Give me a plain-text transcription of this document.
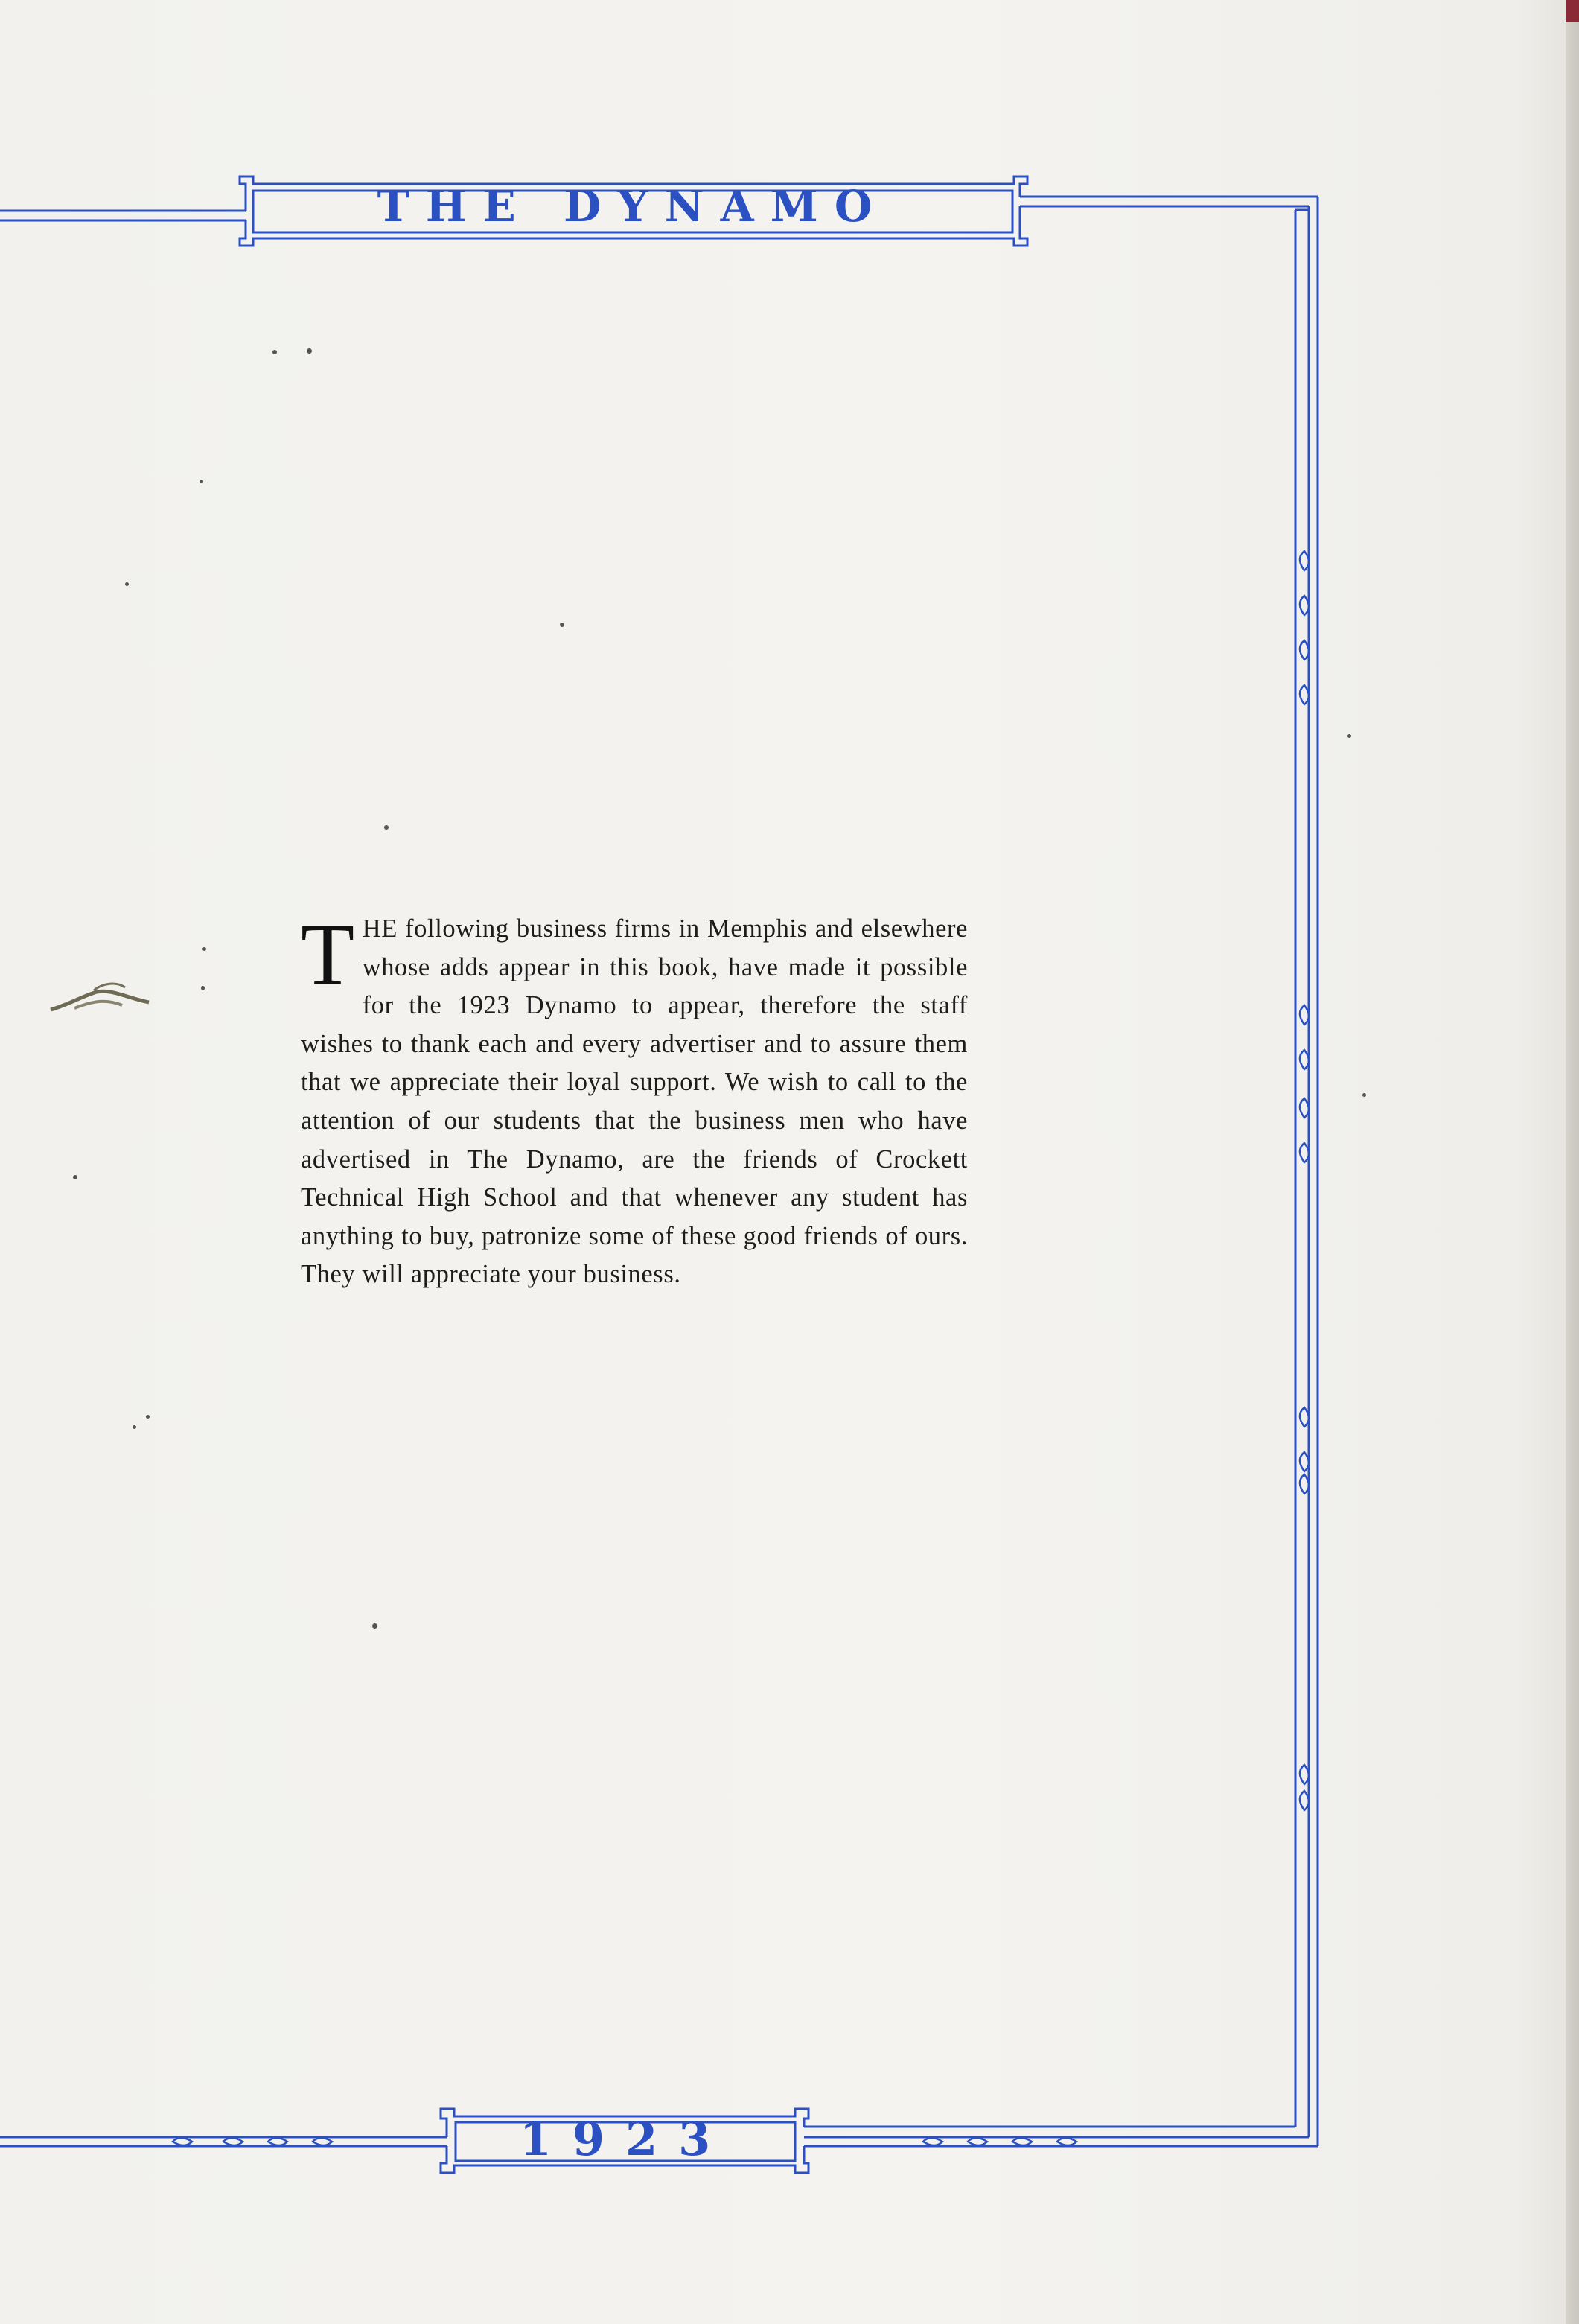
THE DYNAMO
THE following business firms in Memphis and elsewhere whose adds appear in this book, have made it possible for the 1923 Dynamo to appear, therefore the staff wishes to thank each and every advertiser and to assure them that we appreciate their loyal support. We wish to call to the attention of our students that the business men who have advertised in The Dynamo, are the friends of Crockett Technical High School and that whenever any student has anything to buy, patronize some of these good friends of ours. They will appreciate your business.
1923
